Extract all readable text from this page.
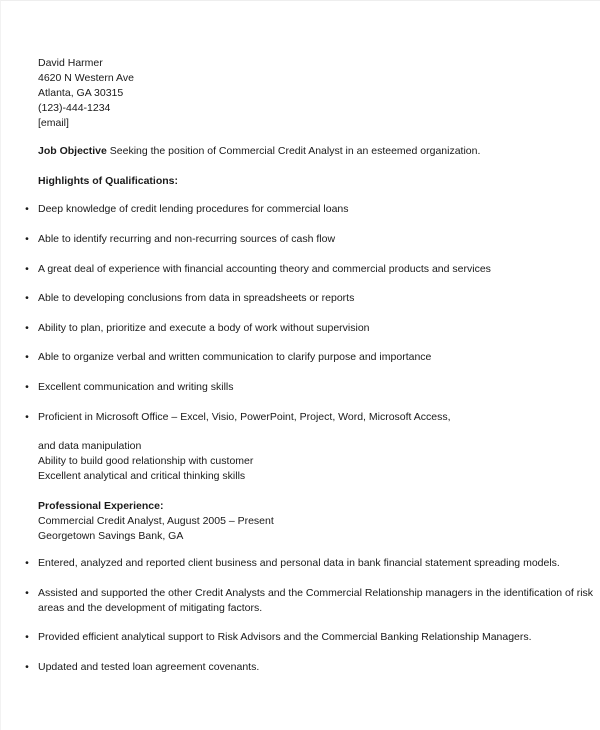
David Harmer
4620 N Western Ave
Atlanta, GA 30315
(123)-444-1234
[email]
Job Objective Seeking the position of Commercial Credit Analyst in an esteemed organization.
Highlights of Qualifications:
• Deep knowledge of credit lending procedures for commercial loans
• Able to identify recurring and non-recurring sources of cash flow
• A great deal of experience with financial accounting theory and commercial products and services
• Able to developing conclusions from data in spreadsheets or reports
• Ability to plan, prioritize and execute a body of work without supervision
• Able to organize verbal and written communication to clarify purpose and importance
• Excellent communication and writing skills
• Proficient in Microsoft Office – Excel, Visio, PowerPoint, Project, Word, Microsoft Access,
and data manipulation
Ability to build good relationship with customer
Excellent analytical and critical thinking skills
Professional Experience:
Commercial Credit Analyst, August 2005 – Present
Georgetown Savings Bank, GA
• Entered, analyzed and reported client business and personal data in bank financial statement spreading models.
• Assisted and supported the other Credit Analysts and the Commercial Relationship managers in the identification of risk
areas and the development of mitigating factors.
• Provided efficient analytical support to Risk Advisors and the Commercial Banking Relationship Managers.
• Updated and tested loan agreement covenants.
